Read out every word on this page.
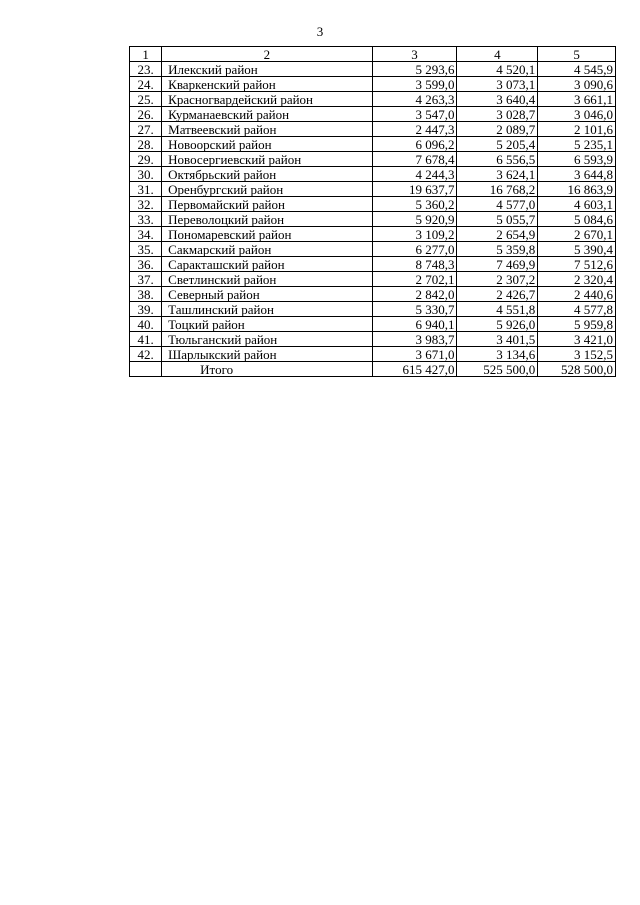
3
1	2	3	4	5
23.	Илекский район	5 293,6	4 520,1	4 545,9
24.	Кваркенский район	3 599,0	3 073,1	3 090,6
25.	Красногвардейский район	4 263,3	3 640,4	3 661,1
26.	Курманаевский район	3 547,0	3 028,7	3 046,0
27.	Матвеевский район	2 447,3	2 089,7	2 101,6
28.	Новоорский район	6 096,2	5 205,4	5 235,1
29.	Новосергиевский район	7 678,4	6 556,5	6 593,9
30.	Октябрьский район	4 244,3	3 624,1	3 644,8
31.	Оренбургский район	19 637,7	16 768,2	16 863,9
32.	Первомайский район	5 360,2	4 577,0	4 603,1
33.	Переволоцкий район	5 920,9	5 055,7	5 084,6
34.	Пономаревский район	3 109,2	2 654,9	2 670,1
35.	Сакмарский район	6 277,0	5 359,8	5 390,4
36.	Саракташский район	8 748,3	7 469,9	7 512,6
37.	Светлинский район	2 702,1	2 307,2	2 320,4
38.	Северный район	2 842,0	2 426,7	2 440,6
39.	Ташлинский район	5 330,7	4 551,8	4 577,8
40.	Тоцкий район	6 940,1	5 926,0	5 959,8
41.	Тюльганский район	3 983,7	3 401,5	3 421,0
42.	Шарлыкский район	3 671,0	3 134,6	3 152,5
	Итого	615 427,0	525 500,0	528 500,0
